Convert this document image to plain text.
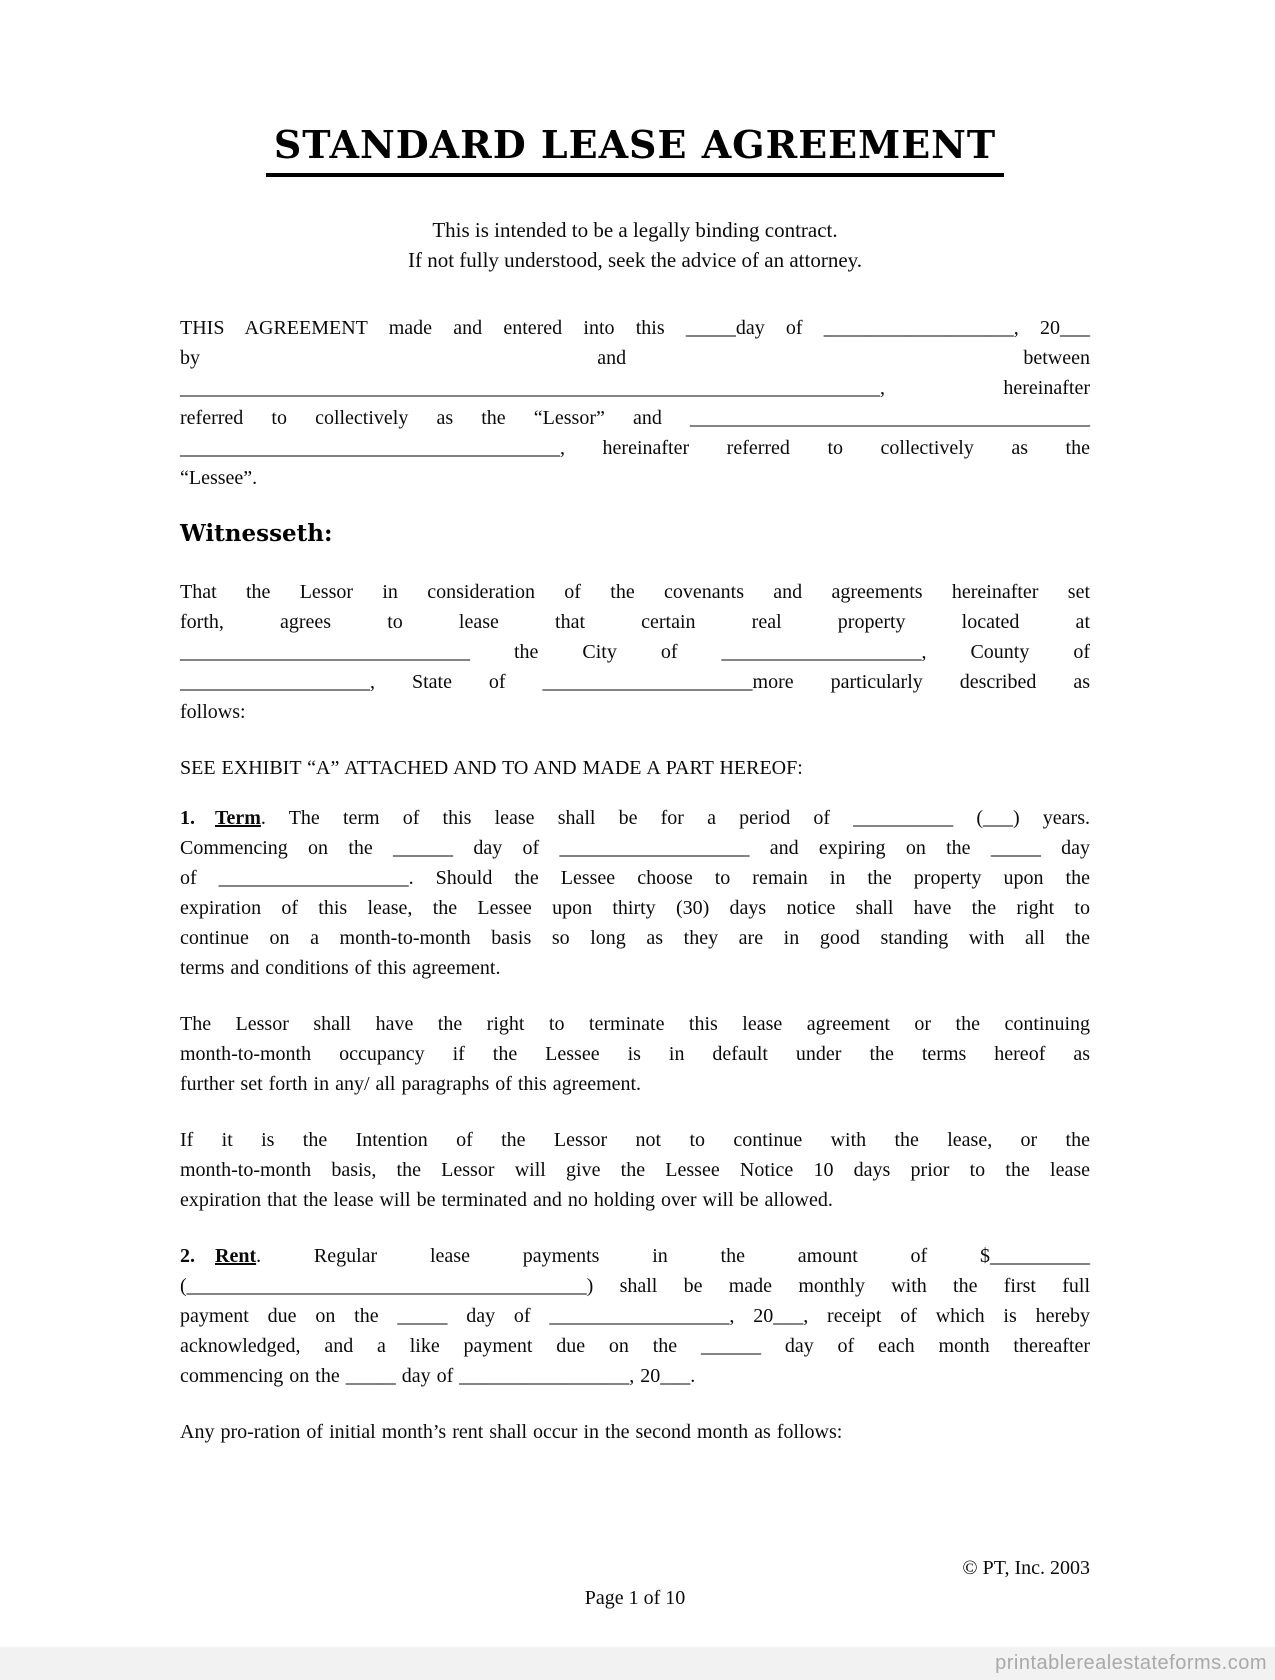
STANDARD LEASE AGREEMENT
This is intended to be a legally binding contract.
If not fully understood, seek the advice of an attorney.
THIS AGREEMENT made and entered into this _____day of ___________________, 20___
by and between
______________________________________________________________________, hereinafter
referred to collectively as the “Lessor” and ________________________________________
______________________________________, hereinafter referred to collectively as the
“Lessee”.
Witnesseth:
That the Lessor in consideration of the covenants and agreements hereinafter set
forth, agrees to lease that certain real property located at
_____________________________ the City of ____________________, County of
___________________, State of _____________________more particularly described as
follows:
SEE EXHIBIT “A” ATTACHED AND TO AND MADE A PART HEREOF:
1. Term. The term of this lease shall be for a period of __________ (___) years.
Commencing on the ______ day of ___________________ and expiring on the _____ day
of ___________________. Should the Lessee choose to remain in the property upon the
expiration of this lease, the Lessee upon thirty (30) days notice shall have the right to
continue on a month-to-month basis so long as they are in good standing with all the
terms and conditions of this agreement.
The Lessor shall have the right to terminate this lease agreement or the continuing
month-to-month occupancy if the Lessee is in default under the terms hereof as
further set forth in any/ all paragraphs of this agreement.
If it is the Intention of the Lessor not to continue with the lease, or the
month-to-month basis, the Lessor will give the Lessee Notice 10 days prior to the lease
expiration that the lease will be terminated and no holding over will be allowed.
2. Rent. Regular lease payments in the amount of $__________
(________________________________________) shall be made monthly with the first full
payment due on the _____ day of __________________, 20___, receipt of which is hereby
acknowledged, and a like payment due on the ______ day of each month thereafter
commencing on the _____ day of _________________, 20___.
Any pro-ration of initial month’s rent shall occur in the second month as follows:
© PT, Inc. 2003
Page 1 of 10
printablerealestateforms.com
